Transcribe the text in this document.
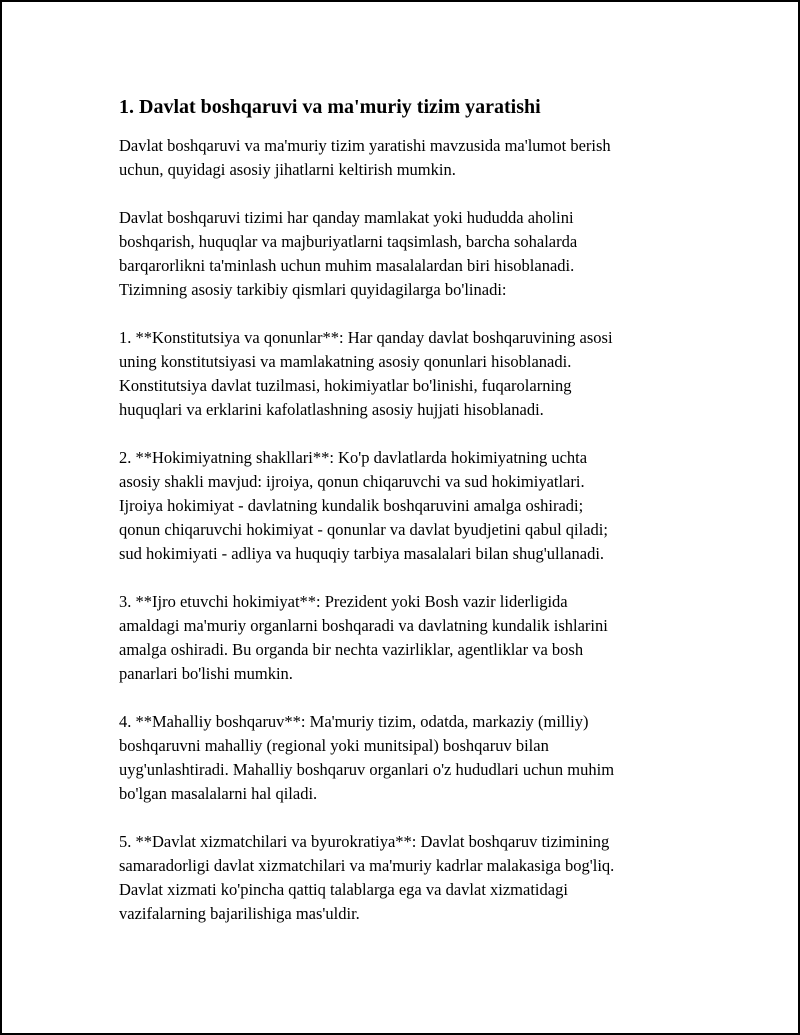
1. Davlat boshqaruvi va ma'muriy tizim yaratishi

Davlat boshqaruvi va ma'muriy tizim yaratishi mavzusida ma'lumot berish
uchun, quyidagi asosiy jihatlarni keltirish mumkin.

Davlat boshqaruvi tizimi har qanday mamlakat yoki hududda aholini
boshqarish, huquqlar va majburiyatlarni taqsimlash, barcha sohalarda
barqarorlikni ta'minlash uchun muhim masalalardan biri hisoblanadi.
Tizimning asosiy tarkibiy qismlari quyidagilarga bo'linadi:

1. **Konstitutsiya va qonunlar**: Har qanday davlat boshqaruvining asosi
uning konstitutsiyasi va mamlakatning asosiy qonunlari hisoblanadi.
Konstitutsiya davlat tuzilmasi, hokimiyatlar bo'linishi, fuqarolarning
huquqlari va erklarini kafolatlashning asosiy hujjati hisoblanadi.

2. **Hokimiyatning shakllari**: Ko'p davlatlarda hokimiyatning uchta
asosiy shakli mavjud: ijroiya, qonun chiqaruvchi va sud hokimiyatlari.
Ijroiya hokimiyat - davlatning kundalik boshqaruvini amalga oshiradi;
qonun chiqaruvchi hokimiyat - qonunlar va davlat byudjetini qabul qiladi;
sud hokimiyati - adliya va huquqiy tarbiya masalalari bilan shug'ullanadi.

3. **Ijro etuvchi hokimiyat**: Prezident yoki Bosh vazir liderligida
amaldagi ma'muriy organlarni boshqaradi va davlatning kundalik ishlarini
amalga oshiradi. Bu organda bir nechta vazirliklar, agentliklar va bosh
panarlari bo'lishi mumkin.

4. **Mahalliy boshqaruv**: Ma'muriy tizim, odatda, markaziy (milliy)
boshqaruvni mahalliy (regional yoki munitsipal) boshqaruv bilan
uyg'unlashtiradi. Mahalliy boshqaruv organlari o'z hududlari uchun muhim
bo'lgan masalalarni hal qiladi.

5. **Davlat xizmatchilari va byurokratiya**: Davlat boshqaruv tizimining
samaradorligi davlat xizmatchilari va ma'muriy kadrlar malakasiga bog'liq.
Davlat xizmati ko'pincha qattiq talablarga ega va davlat xizmatidagi
vazifalarning bajarilishiga mas'uldir.
